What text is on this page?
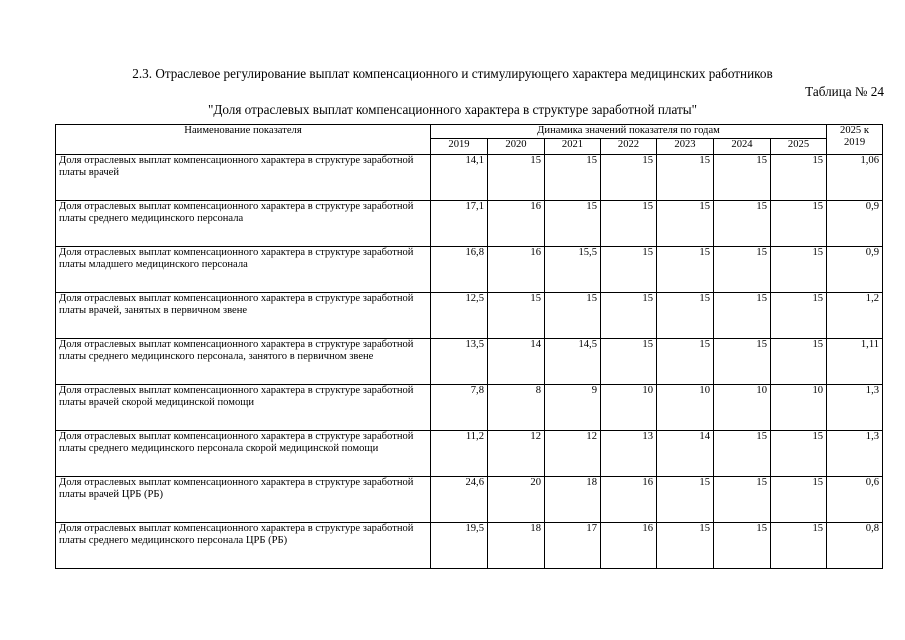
2.3. Отраслевое регулирование выплат компенсационного и стимулирующего характера медицинских работников
Таблица № 24
"Доля отраслевых выплат компенсационного характера в структуре заработной платы"
Наименование показателя	Динамика значений показателя по годам							2025 к
2019

	2019	2020	2021	2022	2023	2024	2025	
Доля отраслевых выплат компенсационного характера в структуре заработной платы врачей	14,1	15	15	15	15	15	15	1,06
Доля отраслевых выплат компенсационного характера в структуре заработной платы среднего медицинского персонала	17,1	16	15	15	15	15	15	0,9
Доля отраслевых выплат компенсационного характера в структуре заработной платы младшего медицинского персонала	16,8	16	15,5	15	15	15	15	0,9
Доля отраслевых выплат компенсационного характера в структуре заработной платы врачей, занятых в первичном звене	12,5	15	15	15	15	15	15	1,2
Доля отраслевых выплат компенсационного характера в структуре заработной платы среднего медицинского персонала, занятого в первичном звене	13,5	14	14,5	15	15	15	15	1,11
Доля отраслевых выплат компенсационного характера в структуре заработной платы врачей скорой медицинской помощи	7,8	8	9	10	10	10	10	1,3
Доля отраслевых выплат компенсационного характера в структуре заработной платы среднего медицинского персонала скорой медицинской помощи	11,2	12	12	13	14	15	15	1,3
Доля отраслевых выплат компенсационного характера в структуре заработной платы врачей ЦРБ (РБ)	24,6	20	18	16	15	15	15	0,6
Доля отраслевых выплат компенсационного характера в структуре заработной платы среднего медицинского персонала ЦРБ (РБ)	19,5	18	17	16	15	15	15	0,8
